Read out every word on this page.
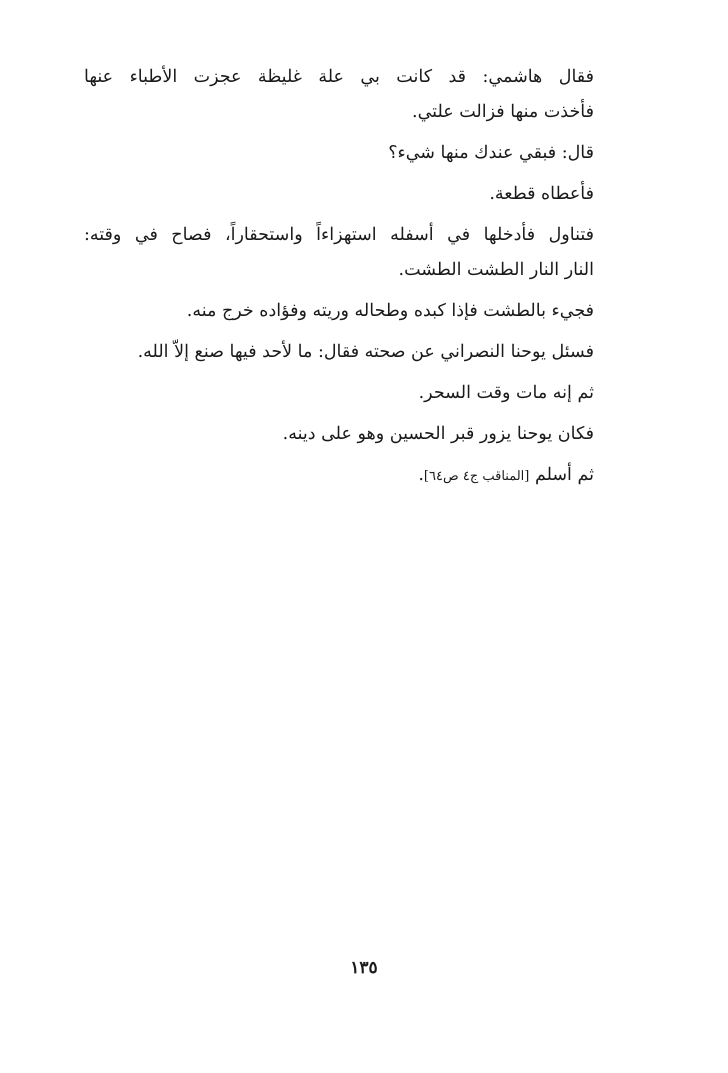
فقال هاشمي: قد كانت بي علة غليظة عجزت الأطباء عنها
فأخذت منها فزالت علتي.
قال: فبقي عندك منها شيء؟
فأعطاه قطعة.
فتناول فأدخلها في أسفله استهزاءاً واستحقاراً، فصاح في وقته:
النار النار الطشت الطشت.
فجيء بالطشت فإذا كبده وطحاله وريته وفؤاده خرج منه.
فسئل يوحنا النصراني عن صحته فقال: ما لأحد فيها صنع إلاّ الله.
ثم إنه مات وقت السحر.
فكان يوحنا يزور قبر الحسين وهو على دينه.
ثم أسلم [المناقب ج٤ ص٦٤].
١٣٥
